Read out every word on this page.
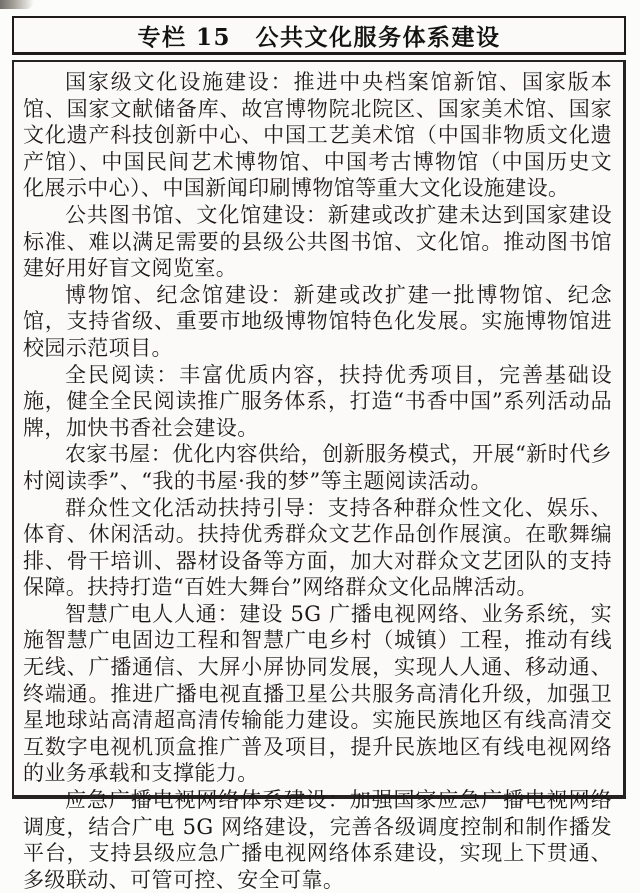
专栏 15　公共文化服务体系建设

国家级文化设施建设：推进中央档案馆新馆、国家版本馆、国家文献储备库、故宫博物院北院区、国家美术馆、国家文化遗产科技创新中心、中国工艺美术馆（中国非物质文化遗产馆）、中国民间艺术博物馆、中国考古博物馆（中国历史文化展示中心）、中国新闻印刷博物馆等重大文化设施建设。

公共图书馆、文化馆建设：新建或改扩建未达到国家建设标准、难以满足需要的县级公共图书馆、文化馆。推动图书馆建好用好盲文阅览室。

博物馆、纪念馆建设：新建或改扩建一批博物馆、纪念馆，支持省级、重要市地级博物馆特色化发展。实施博物馆进校园示范项目。

全民阅读：丰富优质内容，扶持优秀项目，完善基础设施，健全全民阅读推广服务体系，打造“书香中国”系列活动品牌，加快书香社会建设。

农家书屋：优化内容供给，创新服务模式，开展“新时代乡村阅读季”、“我的书屋·我的梦”等主题阅读活动。

群众性文化活动扶持引导：支持各种群众性文化、娱乐、体育、休闲活动。扶持优秀群众文艺作品创作展演。在歌舞编排、骨干培训、器材设备等方面，加大对群众文艺团队的支持保障。扶持打造“百姓大舞台”网络群众文化品牌活动。

智慧广电人人通：建设 5G 广播电视网络、业务系统，实施智慧广电固边工程和智慧广电乡村（城镇）工程，推动有线无线、广播通信、大屏小屏协同发展，实现人人通、移动通、终端通。推进广播电视直播卫星公共服务高清化升级，加强卫星地球站高清超高清传输能力建设。实施民族地区有线高清交互数字电视机顶盒推广普及项目，提升民族地区有线电视网络的业务承载和支撑能力。

应急广播电视网络体系建设：加强国家应急广播电视网络调度，结合广电 5G 网络建设，完善各级调度控制和制作播发平台，支持县级应急广播电视网络体系建设，实现上下贯通、多级联动、可管可控、安全可靠。
